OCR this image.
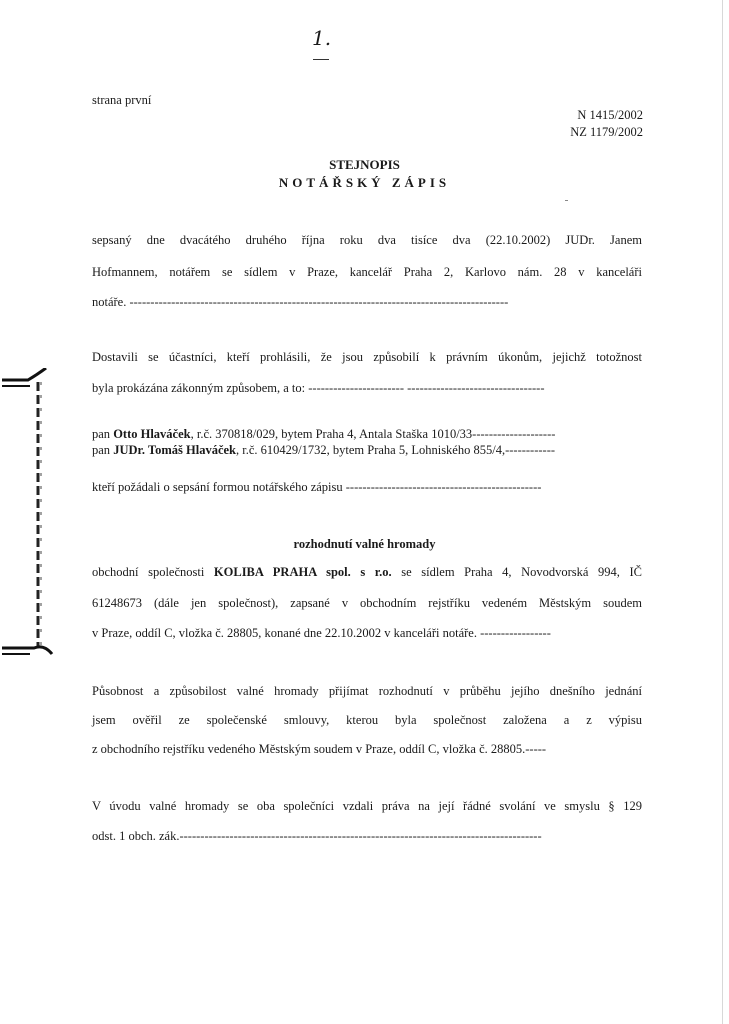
1.
strana první
N 1415/2002
NZ 1179/2002
STEJNOPIS
NOTÁŘSKÝ ZÁPIS
sepsaný dne dvacátého druhého října roku dva tisíce dva (22.10.2002) JUDr. Janem
Hofmannem, notářem se sídlem v Praze, kancelář Praha 2, Karlovo nám. 28 v kanceláři
notáře. -------------------------------------------------------------------------------------------
Dostavili se účastníci, kteří prohlásili, že jsou způsobilí k právním úkonům, jejichž totožnost
byla prokázána zákonným způsobem, a to: ----------------------- ---------------------------------
pan Otto Hlaváček, r.č. 370818/029, bytem Praha 4, Antala Staška 1010/33--------------------
pan JUDr. Tomáš Hlaváček, r.č. 610429/1732, bytem Praha 5, Lohniského 855/4,------------
kteří požádali o sepsání formou notářského zápisu -----------------------------------------------
rozhodnutí valné hromady
obchodní společnosti KOLIBA PRAHA spol. s r.o. se sídlem Praha 4, Novodvorská 994, IČ
61248673 (dále jen společnost), zapsané v obchodním rejstříku vedeném Městským soudem
v Praze, oddíl C, vložka č. 28805, konané dne 22.10.2002 v kanceláři notáře. -----------------
Působnost a způsobilost valné hromady přijímat rozhodnutí v průběhu jejího dnešního jednání
jsem ověřil ze společenské smlouvy, kterou byla společnost založena a z výpisu
z obchodního rejstříku vedeného Městským soudem v Praze, oddíl C, vložka č. 28805.-----
V úvodu valné hromady se oba společníci vzdali práva na její řádné svolání ve smyslu § 129
odst. 1 obch. zák.---------------------------------------------------------------------------------------
